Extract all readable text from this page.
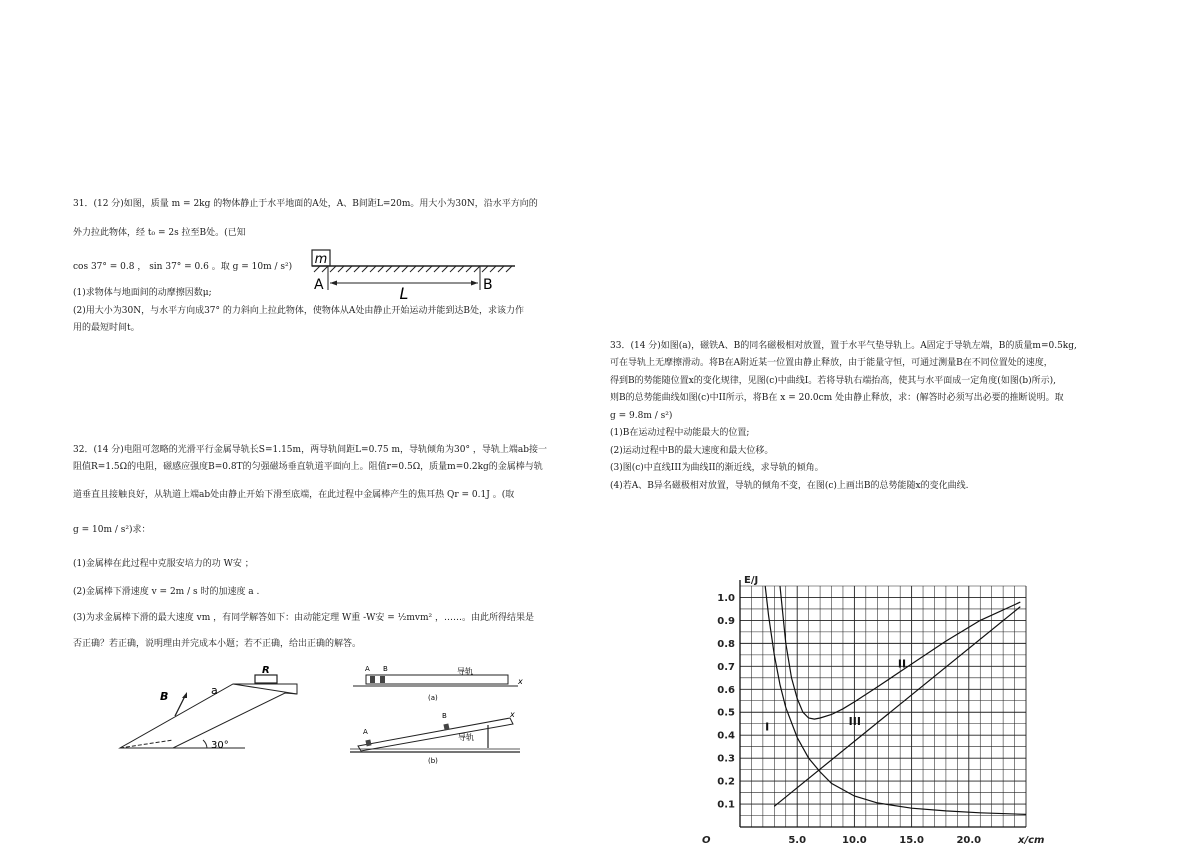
31．(12 分)如图，质量 m = 2kg 的物体静止于水平地面的A处，A、B间距L=20m。用大小为30N，沿水平方向的
外力拉此物体，经 t₀ = 2s 拉至B处。(已知
cos 37° = 0.8 ， sin 37° = 0.6 。取 g = 10m / s²)
(1)求物体与地面间的动摩擦因数μ;
(2)用大小为30N，与水平方向成37° 的力斜向上拉此物体，使物体从A处由静止开始运动并能到达B处，求该力作
用的最短时间t。
m
A	B
L
32．(14 分)电阻可忽略的光滑平行金属导轨长S=1.15m，两导轨间距L=0.75 m，导轨倾角为30° ，导轨上端ab接一
阻值R=1.5Ω的电阻，磁感应强度B=0.8T的匀强磁场垂直轨道平面向上。阻值r=0.5Ω，质量m=0.2kg的金属棒与轨
道垂直且接触良好，从轨道上端ab处由静止开始下滑至底端，在此过程中金属棒产生的焦耳热 Qr = 0.1J 。(取
g = 10m / s²)求：
(1)金属棒在此过程中克服安培力的功 W安 ；
(2)金属棒下滑速度 v = 2m / s 时的加速度 a .
(3)为求金属棒下滑的最大速度 vm ，有同学解答如下：由动能定理 W重 -W安 = ½mvm² ，……。由此所得结果是
否正确？若正确，说明理由并完成本小题；若不正确，给出正确的解答。
R
a
B
30°
A B	导轨
x
(a)
A
B
导轨
x
(b)
33．(14 分)如图(a)，磁铁A、B的同名磁极相对放置，置于水平气垫导轨上。A固定于导轨左端，B的质量m=0.5kg,
可在导轨上无摩擦滑动。将B在A附近某一位置由静止释放，由于能量守恒，可通过测量B在不同位置处的速度，
得到B的势能随位置x的变化规律，见图(c)中曲线I。若将导轨右端抬高，使其与水平面成一定角度(如图(b)所示),
则B的总势能曲线如图(c)中II所示，将B在 x = 20.0cm 处由静止释放，求：(解答时必须写出必要的推断说明。取
g = 9.8m / s²)
(1)B在运动过程中动能最大的位置;
(2)运动过程中B的最大速度和最大位移。
(3)图(c)中直线III为曲线II的渐近线，求导轨的倾角。
(4)若A、B异名磁极相对放置，导轨的倾角不变，在图(c)上画出B的总势能随x的变化曲线.
5.0	10.0	15.0	20.0
0.1
0.2
0.3
0.4
0.5
0.6
0.7
0.8
0.9
1.0
E/J
x/cm
O
I
II
III
